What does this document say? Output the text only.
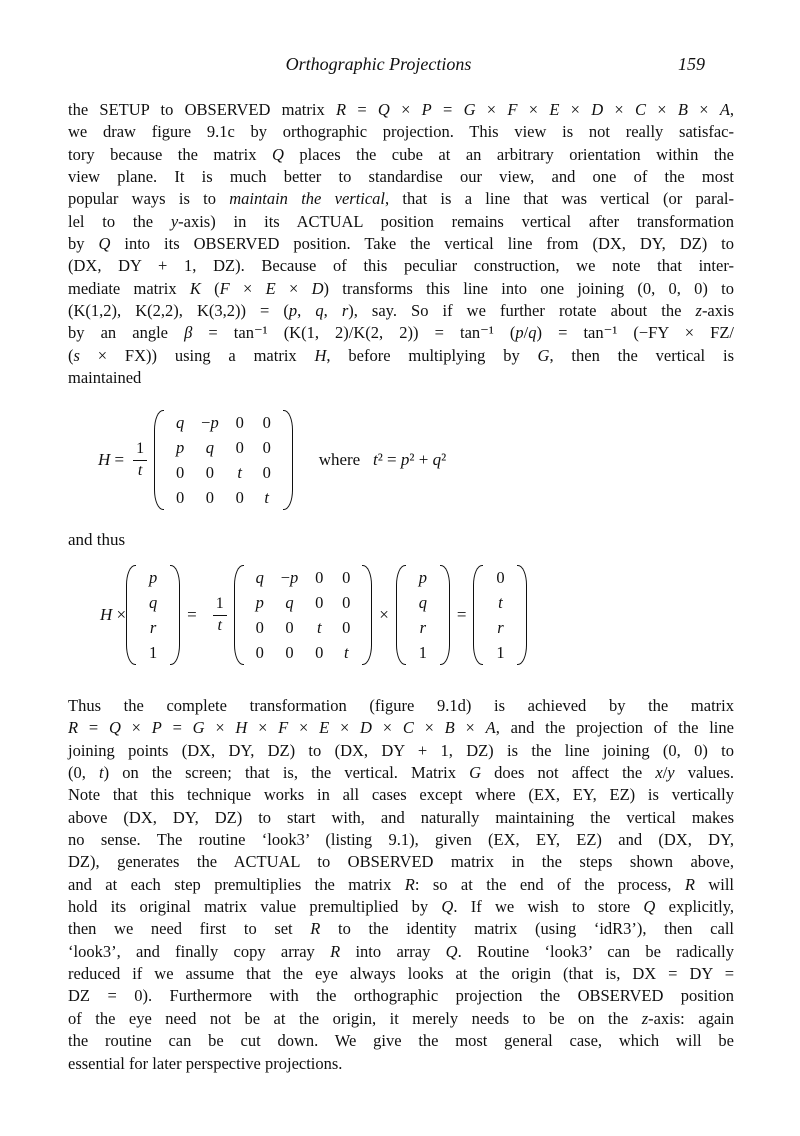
Orthographic Projections	159
the SETUP to OBSERVED matrix R = Q × P = G × F × E × D × C × B × A,
we draw figure 9.1c by orthographic projection. This view is not really satisfac-
tory because the matrix Q places the cube at an arbitrary orientation within the
view plane. It is much better to standardise our view, and one of the most
popular ways is to maintain the vertical, that is a line that was vertical (or paral-
lel to the y-axis) in its ACTUAL position remains vertical after transformation
by Q into its OBSERVED position. Take the vertical line from (DX, DY, DZ) to
(DX, DY + 1, DZ). Because of this peculiar construction, we note that inter-
mediate matrix K (F × E × D) transforms this line into one joining (0, 0, 0) to
(K(1,2), K(2,2), K(3,2)) = (p, q, r), say. So if we further rotate about the z-axis
by an angle β = tan⁻¹ (K(1, 2)/K(2, 2)) = tan⁻¹ (p/q) = tan⁻¹ (−FY × FZ/
(s × FX)) using a matrix H, before multiplying by G, then the vertical is
maintained
$H = \frac{1}{t}$
q − p 0 0
p q 0 0
0 0 t 0
0 0 0 t
where   t² = p² + q²
and thus
H ×
p
q
r
1
= $\frac{1}{t}$
q − p 0 0
p q 0 0
0 0 t 0
0 0 0 t
×
p
q
r
1
=
0
t
r
1
Thus the complete transformation (figure 9.1d) is achieved by the matrix
R = Q × P = G × H × F × E × D × C × B × A, and the projection of the line
joining points (DX, DY, DZ) to (DX, DY + 1, DZ) is the line joining (0, 0) to
(0, t) on the screen; that is, the vertical. Matrix G does not affect the x/y values.
Note that this technique works in all cases except where (EX, EY, EZ) is vertically
above (DX, DY, DZ) to start with, and naturally maintaining the vertical makes
no sense. The routine ‘look3’ (listing 9.1), given (EX, EY, EZ) and (DX, DY,
DZ), generates the ACTUAL to OBSERVED matrix in the steps shown above,
and at each step premultiplies the matrix R: so at the end of the process, R will
hold its original matrix value premultiplied by Q. If we wish to store Q explicitly,
then we need first to set R to the identity matrix (using ‘idR3’), then call
‘look3’, and finally copy array R into array Q. Routine ‘look3’ can be radically
reduced if we assume that the eye always looks at the origin (that is, DX = DY =
DZ = 0). Furthermore with the orthographic projection the OBSERVED position
of the eye need not be at the origin, it merely needs to be on the z-axis: again
the routine can be cut down. We give the most general case, which will be
essential for later perspective projections.
